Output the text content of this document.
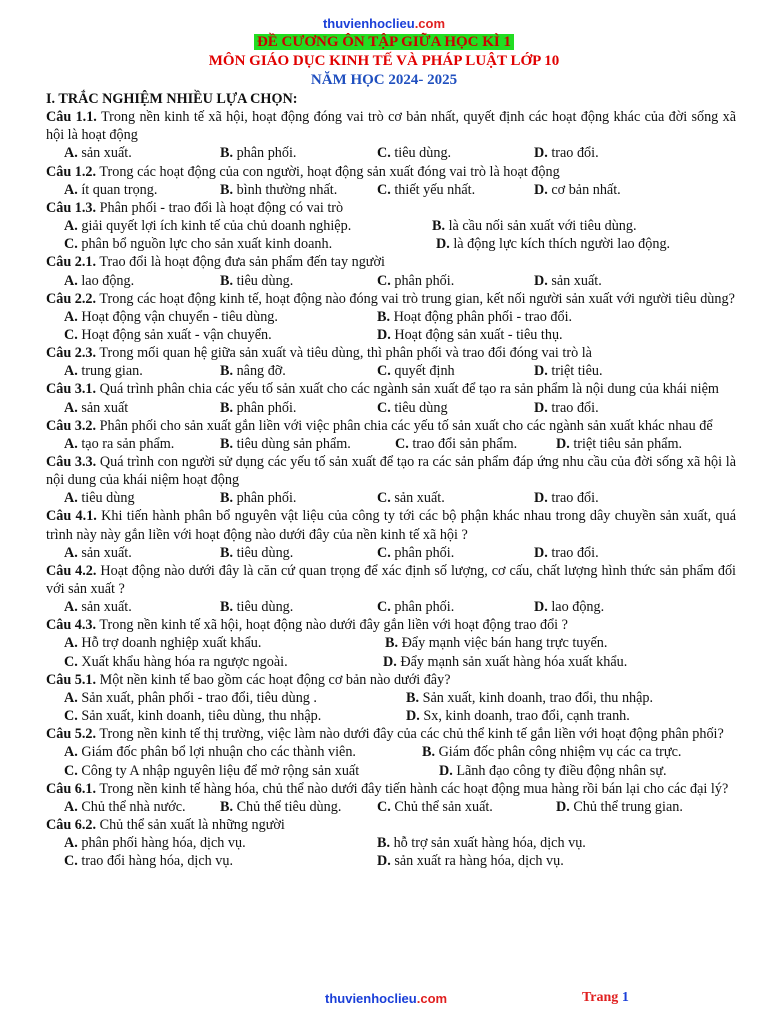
thuvienhoclieu.com
ĐỀ CƯƠNG ÔN TẬP GIỮA HỌC KÌ 1
MÔN GIÁO DỤC KINH TẾ VÀ PHÁP LUẬT LỚP 10
NĂM HỌC 2024- 2025
I. TRẮC NGHIỆM NHIỀU LỰA CHỌN:
Câu 1.1. Trong nền kinh tế xã hội, hoạt động đóng vai trò cơ bản nhất, quyết định các hoạt động khác của đời sống xã hội là hoạt động
A. sản xuất.	B. phân phối.	C. tiêu dùng.	D. trao đổi.
Câu 1.2. Trong các hoạt động của con người, hoạt động sản xuất đóng vai trò là hoạt động
A. ít quan trọng.	B. bình thường nhất.	C. thiết yếu nhất.	D. cơ bản nhất.
Câu 1.3. Phân phối - trao đổi là hoạt động có vai trò
A. giải quyết lợi ích kinh tế của chủ doanh nghiệp.	B. là cầu nối sản xuất với tiêu dùng.
C. phân bổ nguồn lực cho sản xuất kinh doanh.	D. là động lực kích thích người lao động.
Câu 2.1. Trao đổi là hoạt động đưa sản phẩm đến tay người
A. lao động.	B. tiêu dùng.	C. phân phối.	D. sản xuất.
Câu 2.2. Trong các hoạt động kinh tế, hoạt động nào đóng vai trò trung gian, kết nối người sản xuất với người tiêu dùng?
A. Hoạt động vận chuyển - tiêu dùng.	B. Hoạt động phân phối - trao đổi.
C. Hoạt động sản xuất - vận chuyển.	D. Hoạt động sản xuất - tiêu thụ.
Câu 2.3. Trong mối quan hệ giữa sản xuất và tiêu dùng, thì phân phối và trao đổi đóng vai trò là
A. trung gian.	B. nâng đỡ.	C. quyết định	D. triệt tiêu.
Câu 3.1. Quá trình phân chia các yếu tố sản xuất cho các ngành sản xuất để tạo ra sản phẩm là nội dung của khái niệm
A. sản xuất	B. phân phối.	C. tiêu dùng	D. trao đổi.
Câu 3.2. Phân phối cho sản xuất gắn liền với việc phân chia các yếu tố sản xuất cho các ngành sản xuất khác nhau để
A. tạo ra sản phẩm.	B. tiêu dùng sản phẩm.	C. trao đổi sản phẩm.	D. triệt tiêu sản phẩm.
Câu 3.3. Quá trình con người sử dụng các yếu tố sản xuất để tạo ra các sản phẩm đáp ứng nhu cầu của đời sống xã hội là nội dung của khái niệm hoạt động
A. tiêu dùng	B. phân phối.	C. sản xuất.	D. trao đổi.
Câu 4.1. Khi tiến hành phân bổ nguyên vật liệu của công ty tới các bộ phận khác nhau trong dây chuyền sản xuất, quá trình này này gắn liền với hoạt động nào dưới đây của nền kinh tế xã hội ?
A. sản xuất.	B. tiêu dùng.	C. phân phối.	D. trao đổi.
Câu 4.2. Hoạt động nào dưới đây là căn cứ quan trọng để xác định số lượng, cơ cấu, chất lượng hình thức sản phẩm đối với sản xuất ?
A. sản xuất.	B. tiêu dùng.	C. phân phối.	D. lao động.
Câu 4.3. Trong nền kinh tế xã hội, hoạt động nào dưới đây gắn liền với hoạt động trao đổi ?
A. Hỗ trợ doanh nghiệp xuất khẩu.	B. Đẩy mạnh việc bán hang trực tuyến.
C. Xuất khẩu hàng hóa ra ngược ngoài.	D. Đẩy mạnh sản xuất hàng hóa xuất khẩu.
Câu 5.1. Một nền kinh tế bao gồm các hoạt động cơ bản nào dưới đây?
A. Sản xuất, phân phối - trao đổi, tiêu dùng .	B. Sản xuất, kinh doanh, trao đổi, thu nhập.
C. Sản xuất, kinh doanh, tiêu dùng, thu nhập.	D. Sx, kinh doanh, trao đổi, cạnh tranh.
Câu 5.2. Trong nền kinh tế thị trường, việc làm nào dưới đây của các chủ thể kinh tế gắn liền với hoạt động phân phối?
A. Giám đốc phân bổ lợi nhuận cho các thành viên.	B. Giám đốc phân công nhiệm vụ các ca trực.
C. Công ty A nhập nguyên liệu để mở rộng sản xuất	D. Lãnh đạo công ty điều động nhân sự.
Câu 6.1. Trong nền kinh tế hàng hóa, chủ thể nào dưới đây tiến hành các hoạt động mua hàng rồi bán lại cho các đại lý?
A. Chủ thể nhà nước. B. Chủ thể tiêu dùng.	C. Chủ thể sản xuất.	D. Chủ thể trung gian.
Câu 6.2. Chủ thể sản xuất là những người
A. phân phối hàng hóa, dịch vụ.	B. hỗ trợ sản xuất hàng hóa, dịch vụ.
C. trao đổi hàng hóa, dịch vụ.	D. sản xuất ra hàng hóa, dịch vụ.
thuvienhoclieu.com	Trang 1
